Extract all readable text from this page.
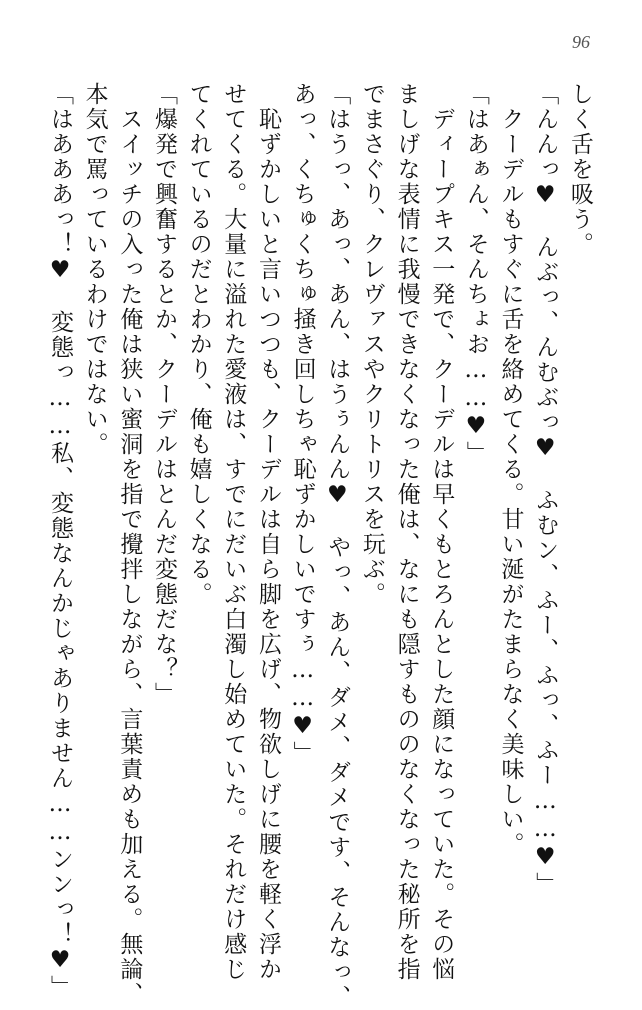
96
しく舌を吸う。
「んんっ♥　んぶっ、んむぶっ♥　ふむン、ふー、ふっ、ふー……♥」
　クーデルもすぐに舌を絡めてくる。甘い涎がたまらなく美味しい。
「はあぁん、そんちょお……♥」
　ディープキス一発で、クーデルは早くもとろんとした顔になっていた。その悩
ましげな表情に我慢できなくなった俺は、なにも隠すもののなくなった秘所を指
でまさぐり、クレヴァスやクリトリスを玩ぶ。
「はうっ、あっ、あん、はうぅんん♥　やっ、あん、ダメ、ダメです、そんなっ、
あっ、くちゅくちゅ掻き回しちゃ恥ずかしいですぅ……♥」
　恥ずかしいと言いつつも、クーデルは自ら脚を広げ、物欲しげに腰を軽く浮か
せてくる。大量に溢れた愛液は、すでにだいぶ白濁し始めていた。それだけ感じ
てくれているのだとわかり、俺も嬉しくなる。
「爆発で興奮するとか、クーデルはとんだ変態だな？」
　スイッチの入った俺は狭い蜜洞を指で攪拌しながら、言葉責めも加える。無論、
本気で罵っているわけではない。
「はあああっ！♥　変態っ……私、変態なんかじゃありません……ンンっ！♥」
